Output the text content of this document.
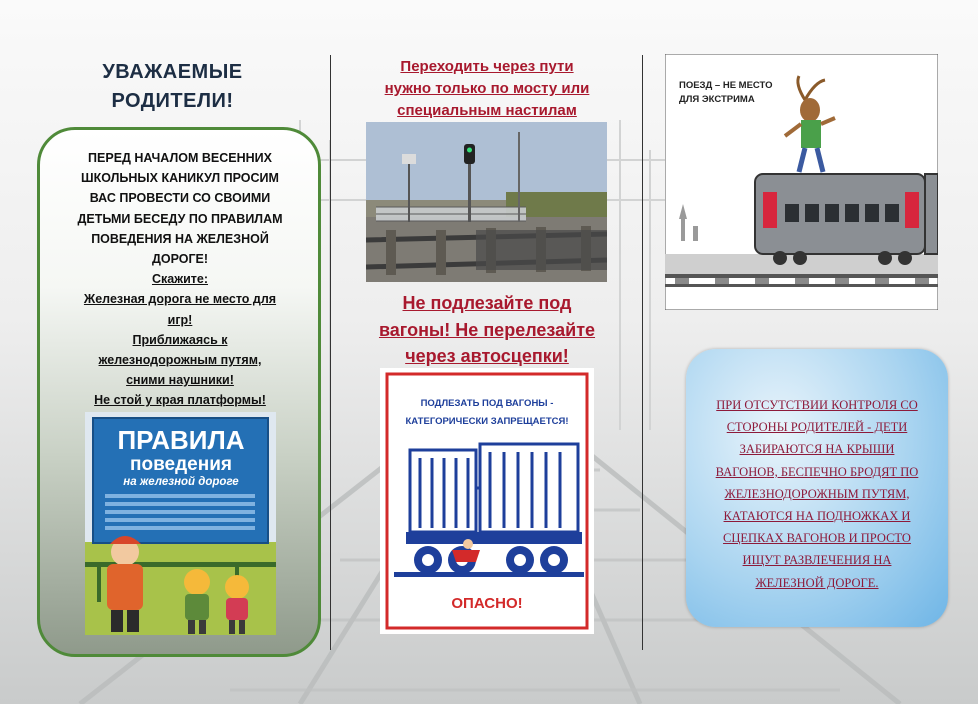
УВАЖАЕМЫЕ
РОДИТЕЛИ!
ПЕРЕД НАЧАЛОМ ВЕСЕННИХ
ШКОЛЬНЫХ КАНИКУЛ ПРОСИМ
ВАС ПРОВЕСТИ СО СВОИМИ
ДЕТЬМИ БЕСЕДУ ПО ПРАВИЛАМ
ПОВЕДЕНИЯ НА ЖЕЛЕЗНОЙ
ДОРОГЕ!
Скажите:
Железная дорога не место для
игр!
Приближаясь к
железнодорожным путям,
сними наушники!
Не стой у края платформы!
ПРАВИЛА
поведения
на железной дороге
Переходить через пути
нужно только по мосту или
специальным настилам
Не подлезайте под
вагоны! Не перелезайте
через автосцепки!
ПОДЛЕЗАТЬ ПОД ВАГОНЫ -
КАТЕГОРИЧЕСКИ ЗАПРЕЩАЕТСЯ!
ОПАСНО!
ПОЕЗД – НЕ МЕСТО
ДЛЯ ЭКСТРИМА
ПРИ ОТСУТСТВИИ КОНТРОЛЯ СО
СТОРОНЫ РОДИТЕЛЕЙ - ДЕТИ
ЗАБИРАЮТСЯ НА КРЫШИ
ВАГОНОВ, БЕСПЕЧНО БРОДЯТ ПО
ЖЕЛЕЗНОДОРОЖНЫМ ПУТЯМ,
КАТАЮТСЯ НА ПОДНОЖКАХ И
СЦЕПКАХ ВАГОНОВ И ПРОСТО
ИЩУТ РАЗВЛЕЧЕНИЯ НА
ЖЕЛЕЗНОЙ ДОРОГЕ.
